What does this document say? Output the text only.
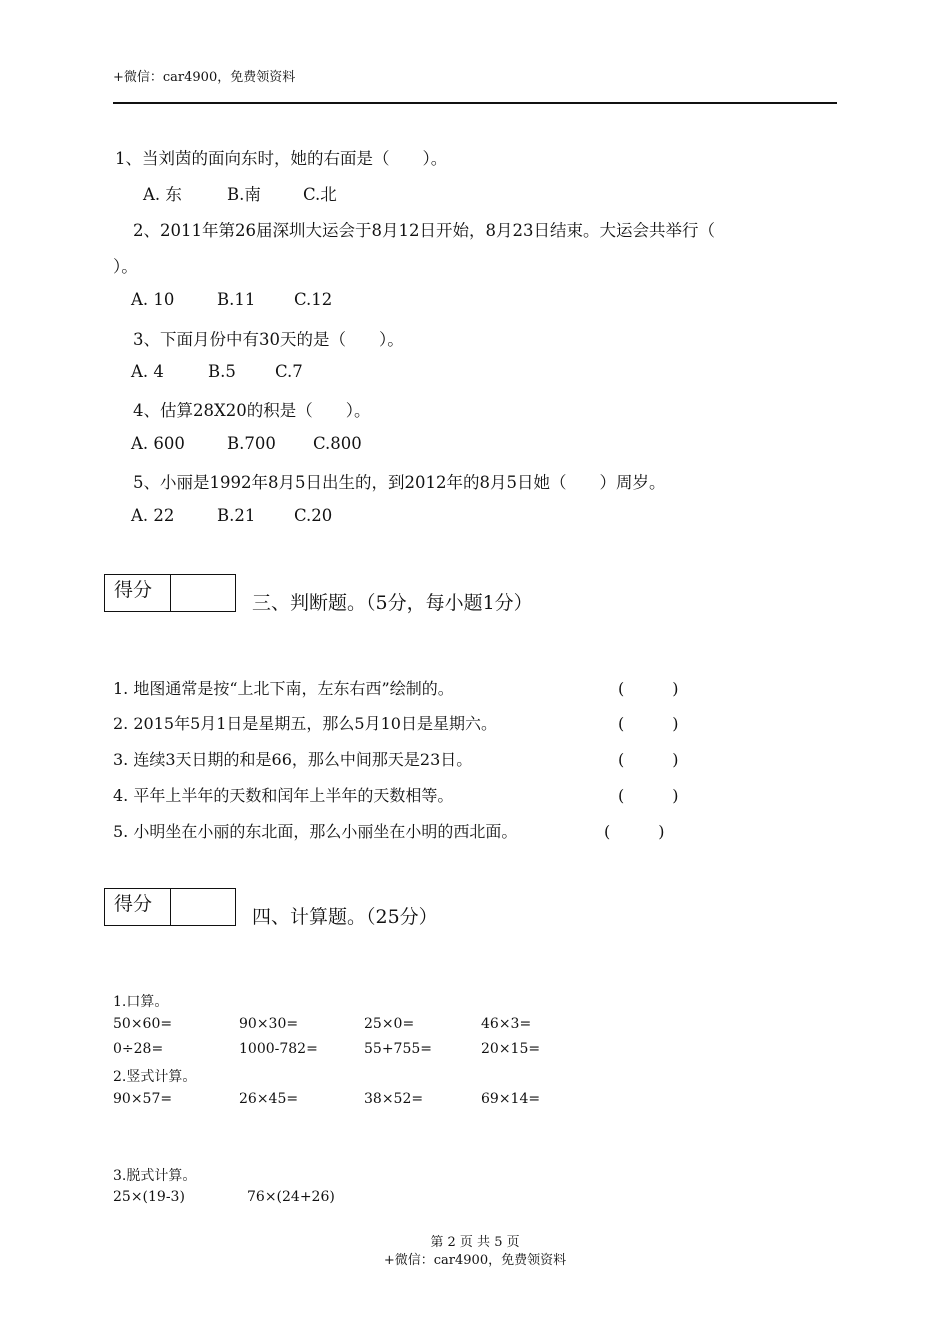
+微信：car4900，免费领资料
1、当刘茵的面向东时，她的右面是（　　）。
A. 东	B.南	C.北
2、2011年第26届深圳大运会于8月12日开始，8月23日结束。大运会共举行（
）。
A. 10	B.11 C.12
3、下面月份中有30天的是（　　）。
A. 4	B.5 C.7
4、估算28X20的积是（　　）。
A. 600	B.700 C.800
5、小丽是1992年8月5日出生的，到2012年的8月5日她（　　）周岁。
A. 22	B.21 C.20
得分
三、判断题。（5分，每小题1分）
1. 地图通常是按“上北下南，左东右西”绘制的。	(　　　)
2. 2015年5月1日是星期五，那么5月10日是星期六。	(　　　)
3. 连续3天日期的和是66，那么中间那天是23日。	(　　　)
4. 平年上半年的天数和闰年上半年的天数相等。	(　　　)
5. 小明坐在小丽的东北面，那么小丽坐在小明的西北面。	(　　　)
得分
四、计算题。（25分）
1.口算。
50×60=	90×30=	25×0=	46×3=
0÷28=	1000-782=	55+755=	20×15=
2.竖式计算。
90×57=	26×45=	38×52=	69×14=
3.脱式计算。
25×(19-3)	76×(24+26)
第 2 页 共 5 页
+微信：car4900，免费领资料
